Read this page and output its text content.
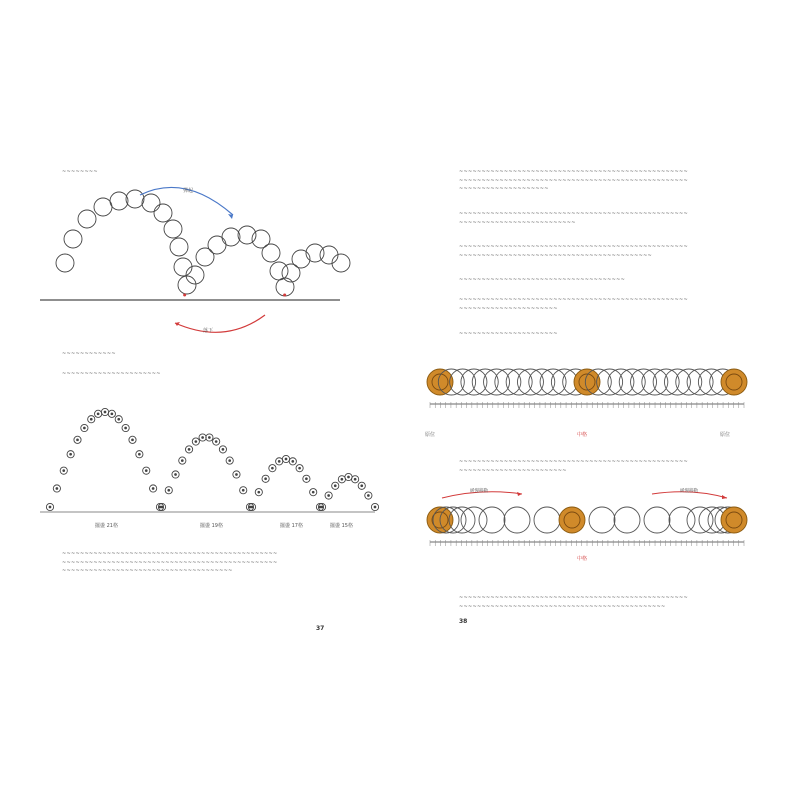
~~~~~~~~
彈起
落下
●	●
~~~~~~~~~~~~
~~~~~~~~~~~~~~~~~~~~~~
擺盪 21格	擺盪 19格	擺盪 17格	擺盪 15格
~~~~~~~~~~~~~~~~~~~~~~~~~~~~~~~~~~~~~~~~~~~~~~~~
~~~~~~~~~~~~~~~~~~~~~~~~~~~~~~~~~~~~~~~~~~~~~~~~
~~~~~~~~~~~~~~~~~~~~~~~~~~~~~~~~~~~~~~
37
~~~~~~~~~~~~~~~~~~~~~~~~~~~~~~~~~~~~~~~~~~~~~~~~~~~
~~~~~~~~~~~~~~~~~~~~~~~~~~~~~~~~~~~~~~~~~~~~~~~~~~~
~~~~~~~~~~~~~~~~~~~~
~~~~~~~~~~~~~~~~~~~~~~~~~~~~~~~~~~~~~~~~~~~~~~~~~~~
~~~~~~~~~~~~~~~~~~~~~~~~~~
~~~~~~~~~~~~~~~~~~~~~~~~~~~~~~~~~~~~~~~~~~~~~~~~~~~
~~~~~~~~~~~~~~~~~~~~~~~~~~~~~~~~~~~~~~~~~~~
~~~~~~~~~~~~~~~~~~~~~~~~~~~~~~~~~~~~~
~~~~~~~~~~~~~~~~~~~~~~~~~~~~~~~~~~~~~~~~~~~~~~~~~~~
~~~~~~~~~~~~~~~~~~~~~~
~~~~~~~~~~~~~~~~~~~~~~
原位	中格	原位
~~~~~~~~~~~~~~~~~~~~~~~~~~~~~~~~~~~~~~~~~~~~~~~~~~~
~~~~~~~~~~~~~~~~~~~~~~~~
緩慢移動	緩慢移動
中格
~~~~~~~~~~~~~~~~~~~~~~~~~~~~~~~~~~~~~~~~~~~~~~~~~~~
~~~~~~~~~~~~~~~~~~~~~~~~~~~~~~~~~~~~~~~~~~~~~~
38
